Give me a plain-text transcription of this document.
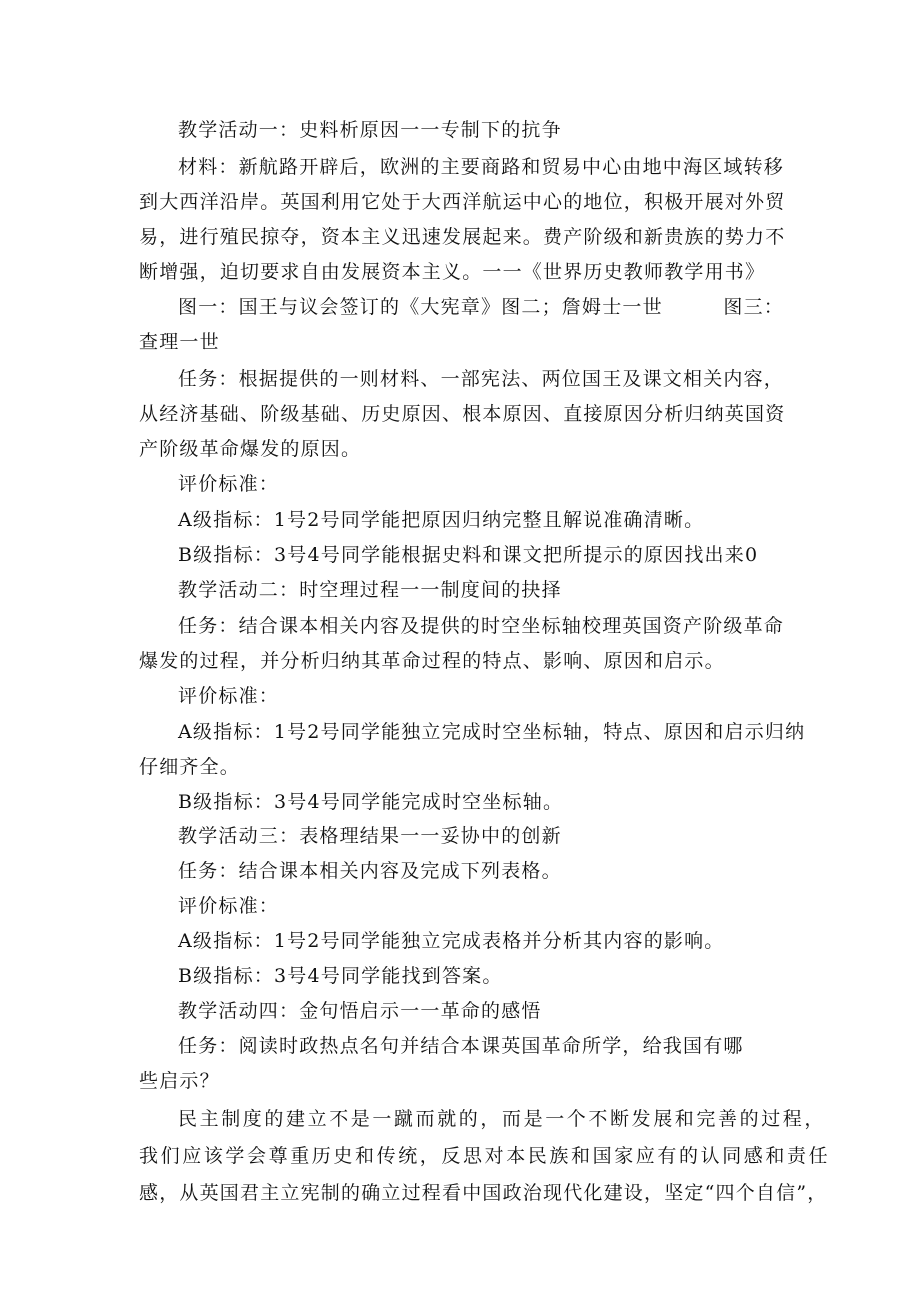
教学活动一：史料析原因一一专制下的抗争
材料：新航路开辟后，欧洲的主要商路和贸易中心由地中海区域转移
到大西洋沿岸。英国利用它处于大西洋航运中心的地位，积极开展对外贸
易，进行殖民掠夺，资本主义迅速发展起来。费产阶级和新贵族的势力不
断增强，迫切要求自由发展资本主义。一一《世界历史教师教学用书》
图一：国王与议会签订的《大宪章》图二；詹姆士一世　　　图三：
查理一世
任务：根据提供的一则材料、一部宪法、两位国王及课文相关内容，
从经济基础、阶级基础、历史原因、根本原因、直接原因分析归纳英国资
产阶级革命爆发的原因。
评价标准：
A级指标：1号2号同学能把原因归纳完整且解说准确清晰。
B级指标：3号4号同学能根据史料和课文把所提示的原因找出来0
教学活动二：时空理过程一一制度间的抉择
任务：结合课本相关内容及提供的时空坐标轴校理英国资产阶级革命
爆发的过程，并分析归纳其革命过程的特点、影响、原因和启示。
评价标准：
A级指标：1号2号同学能独立完成时空坐标轴，特点、原因和启示归纳
仔细齐全。
B级指标：3号4号同学能完成时空坐标轴。
教学活动三：表格理结果一一妥协中的创新
任务：结合课本相关内容及完成下列表格。
评价标准：
A级指标：1号2号同学能独立完成表格并分析其内容的影响。
B级指标：3号4号同学能找到答案。
教学活动四：金句悟启示一一革命的感悟
任务：阅读时政热点名句并结合本课英国革命所学，给我国有哪
些启示？
民主制度的建立不是一蹴而就的，而是一个不断发展和完善的过程，
我们应该学会尊重历史和传统，反思对本民族和国家应有的认同感和责任
感，从英国君主立宪制的确立过程看中国政治现代化建设，坚定“四个自信”，
